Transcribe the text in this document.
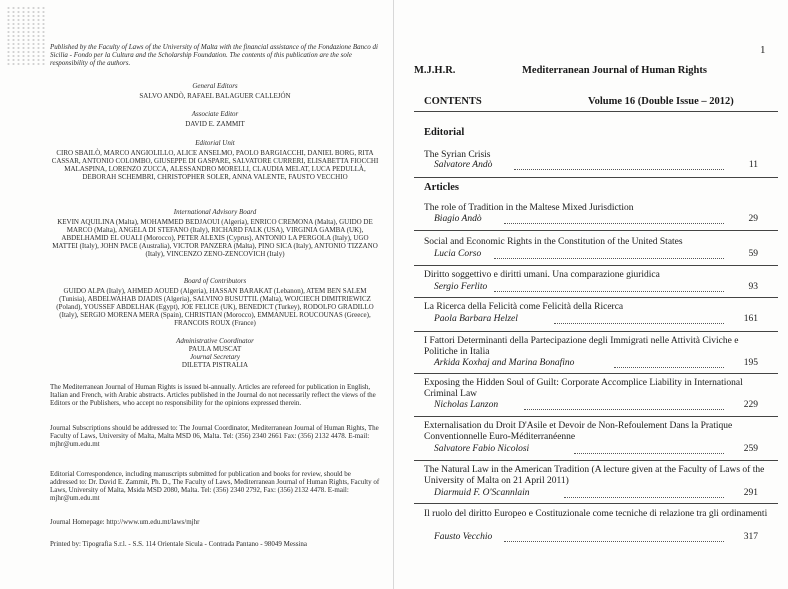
Published by the Faculty of Laws of the University of Malta with the financial assistance of the Fondazione Banco di Sicilia - Fondo per la Cultura and the Scholarship Foundation. The contents of this publication are the sole responsibility of the authors.
General Editors
SALVO ANDÒ, RAFAEL BALAGUER CALLEJÓN
Associate Editor
DAVID E. ZAMMIT
Editorial Unit
CIRO SBAILÒ, MARCO ANGIOLILLO, ALICE ANSELMO, PAOLO BARGIACCHI, DANIEL BORG, RITA CASSAR, ANTONIO COLOMBO, GIUSEPPE DI GASPARE, SALVATORE CURRERI, ELISABETTA FIOCCHI MALASPINA, LORENZO ZUCCA, ALESSANDRO MORELLI, CLAUDIA MELAT, LUCA PEDULLÀ, DEBORAH SCHEMBRI, CHRISTOPHER SOLER, ANNA VALENTE, FAUSTO VECCHIO
International Advisory Board
KEVIN AQUILINA (Malta), MOHAMMED BEDJAOUI (Algeria), ENRICO CREMONA (Malta), GUIDO DE MARCO (Malta), ANGELA DI STEFANO (Italy), RICHARD FALK (USA), VIRGINIA GAMBA (UK), ABDELHAMID EL OUALI (Morocco), PETER ALEXIS (Cyprus), ANTONIO LA PERGOLA (Italy), UGO MATTEI (Italy), JOHN PACE (Australia), VICTOR PANZERA (Malta), PINO SICA (Italy), ANTONIO TIZZANO (Italy), VINCENZO ZENO-ZENCOVICH (Italy)
Board of Contributors
GUIDO ALPA (Italy), AHMED AOUED (Algeria), HASSAN BARAKAT (Lebanon), ATEM BEN SALEM (Tunisia), ABDELWAHAB DJADIS (Algeria), SALVINO BUSUTTIL (Malta), WOJCIECH DIMITRIEWICZ (Poland), YOUSSEF ABDELHAK (Egypt), JOE FELICE (UK), BENEDICT (Turkey), RODOLFO GRADILLO (Italy), SERGIO MORENA MERA (Spain), CHRISTIAN (Morocco), EMMANUEL ROUCOUNAS (Greece), FRANCOIS ROUX (France)
Administrative Coordinator
PAULA MUSCAT
Journal Secretary
DILETTA PISTRALIA
The Mediterranean Journal of Human Rights is issued bi-annually. Articles are refereed for publication in English, Italian and French, with Arabic abstracts. Articles published in the Journal do not necessarily reflect the views of the Editors or the Publishers, who accept no responsibility for the opinions expressed therein.
Journal Subscriptions should be addressed to: The Journal Coordinator, Mediterranean Journal of Human Rights, The Faculty of Laws, University of Malta, Malta MSD 06, Malta. Tel: (356) 2340 2661 Fax: (356) 2132 4478. E-mail: mjhr@um.edu.mt
Editorial Correspondence, including manuscripts submitted for publication and books for review, should be addressed to: Dr. David E. Zammit, Ph. D., The Faculty of Laws, Mediterranean Journal of Human Rights, Faculty of Laws, University of Malta, Msida MSD 2080, Malta. Tel: (356) 2340 2792, Fax: (356) 2132 4478. E-mail: mjhr@um.edu.mt
Journal Homepage: http://www.um.edu.mt/laws/mjhr
Printed by: Tipografia S.r.l. - S.S. 114 Orientale Sicula - Contrada Pantano - 98049 Messina
1
M.J.H.R.	Mediterranean Journal of Human Rights
CONTENTS	Volume 16 (Double Issue – 2012)
Editorial
The Syrian Crisis
Salvatore Andò	11
Articles
The role of Tradition in the Maltese Mixed Jurisdiction
Biagio Andò	29
Social and Economic Rights in the Constitution of the United States
Lucia Corso	59
Diritto soggettivo e diritti umani. Una comparazione giuridica
Sergio Ferlito	93
La Ricerca della Felicità come Felicità della Ricerca
Paola Barbara Helzel	161
I Fattori Determinanti della Partecipazione degli Immigrati nelle Attività Civiche e Politiche in Italia
Arkida Koxhaj and Marina Bonafino	195
Exposing the Hidden Soul of Guilt: Corporate Accomplice Liability in International Criminal Law
Nicholas Lanzon	229
Externalisation du Droit D'Asile et Devoir de Non-Refoulement Dans la Pratique Conventionnelle Euro-Méditerranéenne
Salvatore Fabio Nicolosi	259
The Natural Law in the American Tradition (A lecture given at the Faculty of Laws of the University of Malta on 21 April 2011)
Diarmuid F. O'Scannlain	291
Il ruolo del diritto Europeo e Costituzionale come tecniche di relazione tra gli ordinamenti
Fausto Vecchio	317
